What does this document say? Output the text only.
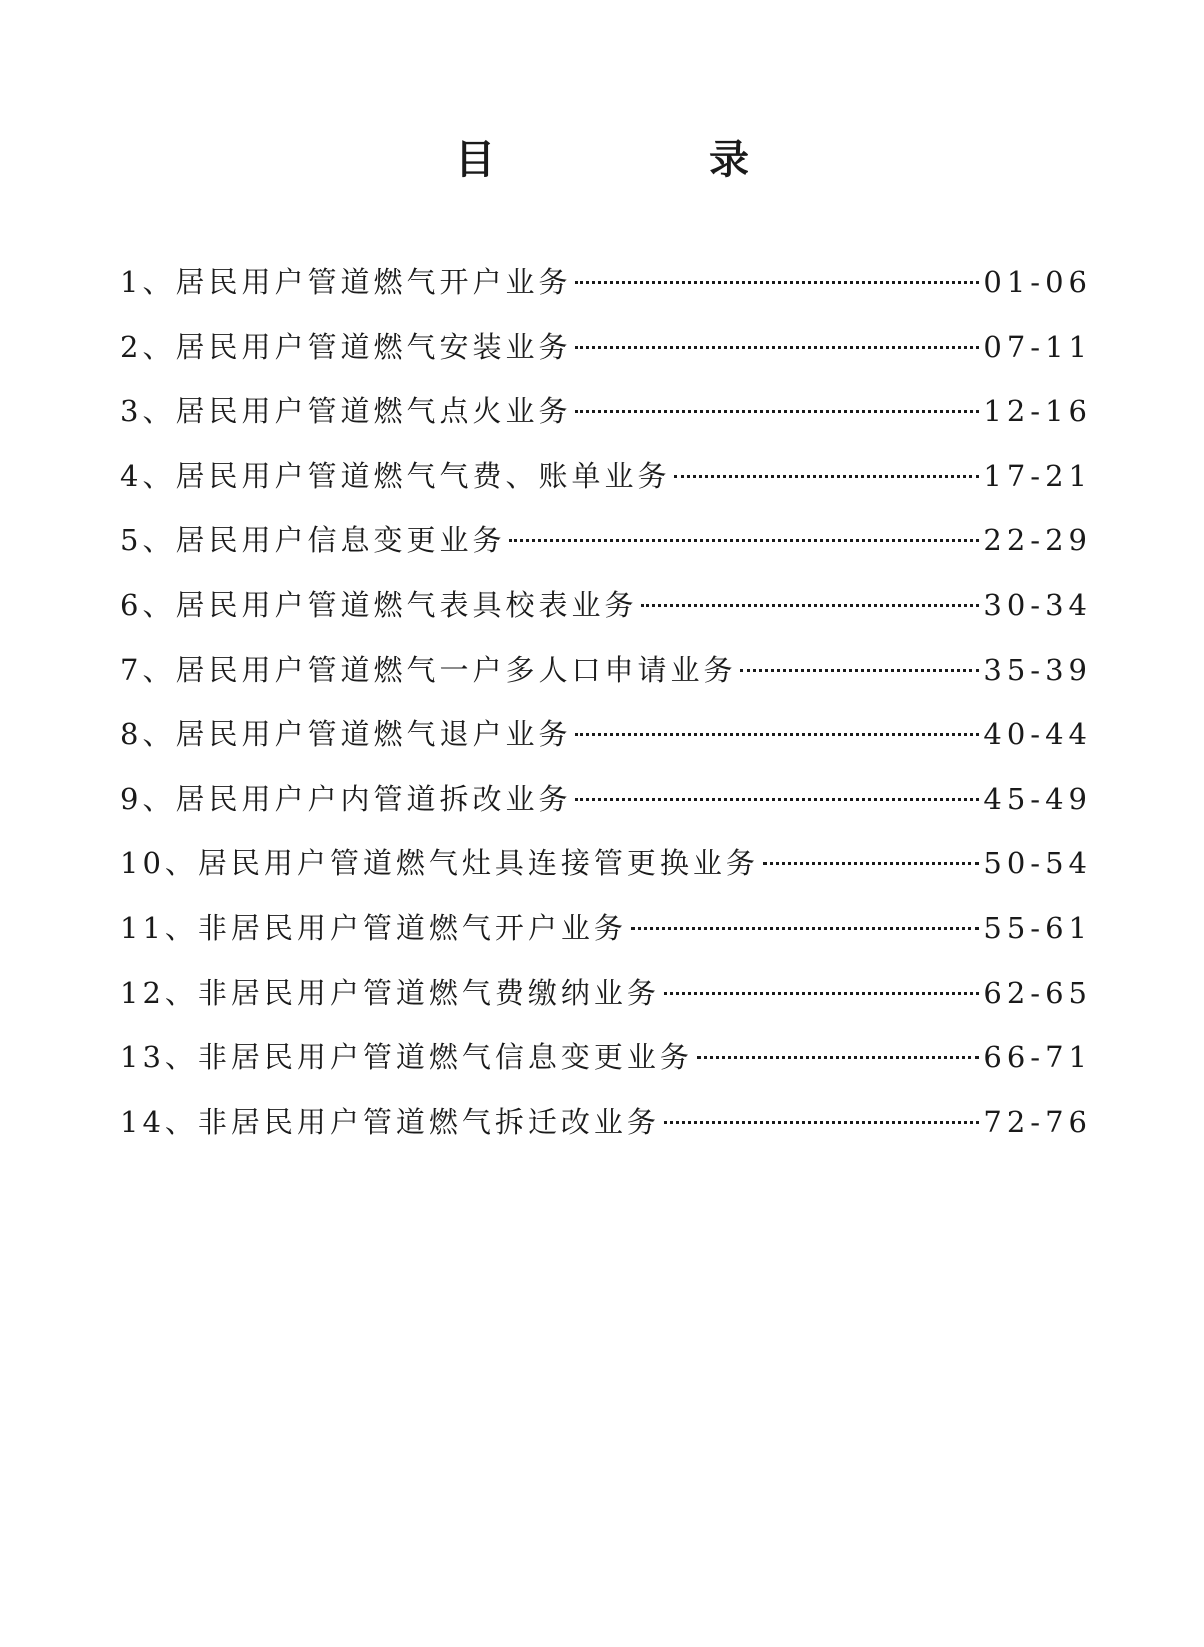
目 录
1、居民用户管道燃气开户业务	01-06
2、居民用户管道燃气安装业务	07-11
3、居民用户管道燃气点火业务	12-16
4、居民用户管道燃气气费、账单业务	17-21
5、居民用户信息变更业务	22-29
6、居民用户管道燃气表具校表业务	30-34
7、居民用户管道燃气一户多人口申请业务	35-39
8、居民用户管道燃气退户业务	40-44
9、居民用户户内管道拆改业务	45-49
10、居民用户管道燃气灶具连接管更换业务	50-54
11、非居民用户管道燃气开户业务	55-61
12、非居民用户管道燃气费缴纳业务	62-65
13、非居民用户管道燃气信息变更业务	66-71
14、非居民用户管道燃气拆迁改业务	72-76
